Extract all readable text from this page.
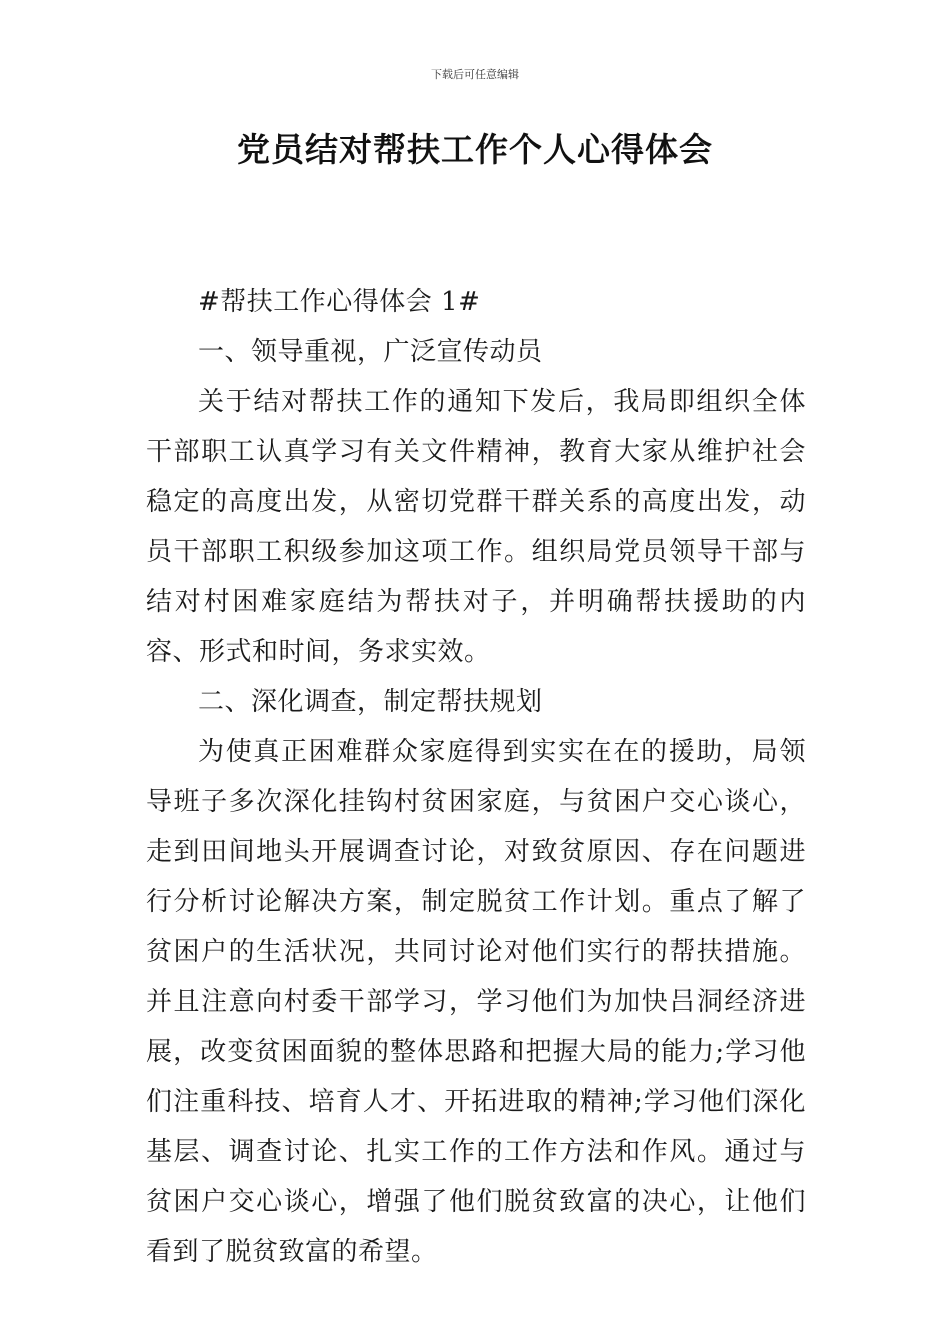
下载后可任意编辑
党员结对帮扶工作个人心得体会

#帮扶工作心得体会 1#

一、领导重视，广泛宣传动员

关于结对帮扶工作的通知下发后，我局即组织全体干部职工认真学习有关文件精神，教育大家从维护社会稳定的高度出发，从密切党群干群关系的高度出发，动员干部职工积级参加这项工作。组织局党员领导干部与结对村困难家庭结为帮扶对子，并明确帮扶援助的内容、形式和时间，务求实效。

二、深化调查，制定帮扶规划

为使真正困难群众家庭得到实实在在的援助，局领导班子多次深化挂钩村贫困家庭，与贫困户交心谈心，走到田间地头开展调查讨论，对致贫原因、存在问题进行分析讨论解决方案，制定脱贫工作计划。重点了解了贫困户的生活状况，共同讨论对他们实行的帮扶措施。并且注意向村委干部学习，学习他们为加快吕洞经济进展，改变贫困面貌的整体思路和把握大局的能力;学习他们注重科技、培育人才、开拓进取的精神;学习他们深化基层、调查讨论、扎实工作的工作方法和作风。通过与贫困户交心谈心，增强了他们脱贫致富的决心，让他们看到了脱贫致富的希望。
